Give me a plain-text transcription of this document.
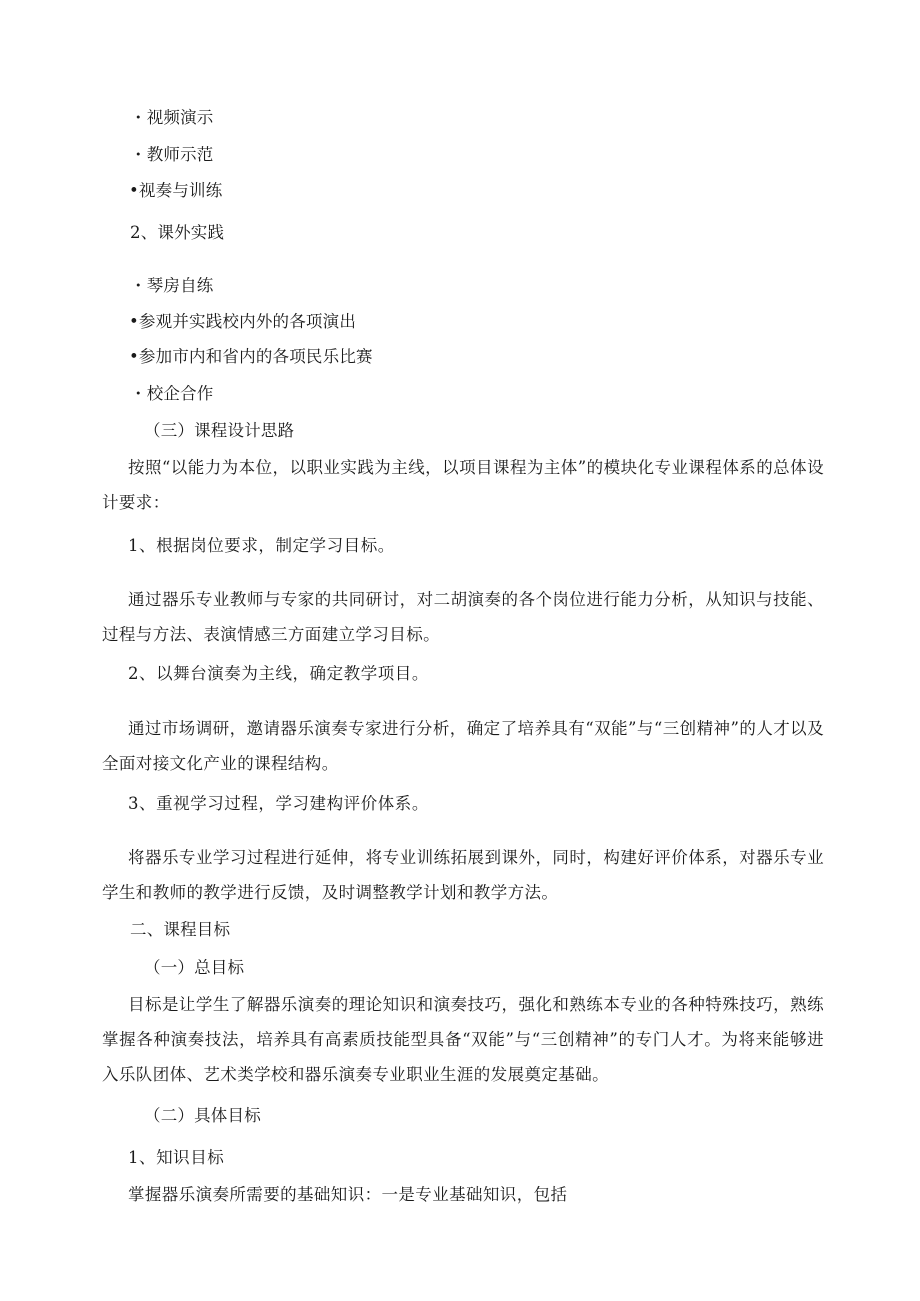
・视频演示
・教师示范
•视奏与训练
2、课外实践
・琴房自练
•参观并实践校内外的各项演出
•参加市内和省内的各项民乐比赛
・校企合作
（三）课程设计思路
按照“以能力为本位，以职业实践为主线，以项目课程为主体”的模块化专业课程体系的总体设计要求：
1、根据岗位要求，制定学习目标。
通过器乐专业教师与专家的共同研讨，对二胡演奏的各个岗位进行能力分析，从知识与技能、过程与方法、表演情感三方面建立学习目标。
2、以舞台演奏为主线，确定教学项目。
通过市场调研，邀请器乐演奏专家进行分析，确定了培养具有“双能”与“三创精神”的人才以及全面对接文化产业的课程结构。
3、重视学习过程，学习建构评价体系。
将器乐专业学习过程进行延伸，将专业训练拓展到课外，同时，构建好评价体系，对器乐专业学生和教师的教学进行反馈，及时调整教学计划和教学方法。
二、课程目标
（一）总目标
目标是让学生了解器乐演奏的理论知识和演奏技巧，强化和熟练本专业的各种特殊技巧，熟练掌握各种演奏技法，培养具有高素质技能型具备“双能”与“三创精神”的专门人才。为将来能够进入乐队团体、艺术类学校和器乐演奏专业职业生涯的发展奠定基础。
（二）具体目标
1、知识目标
掌握器乐演奏所需要的基础知识：一是专业基础知识，包括
